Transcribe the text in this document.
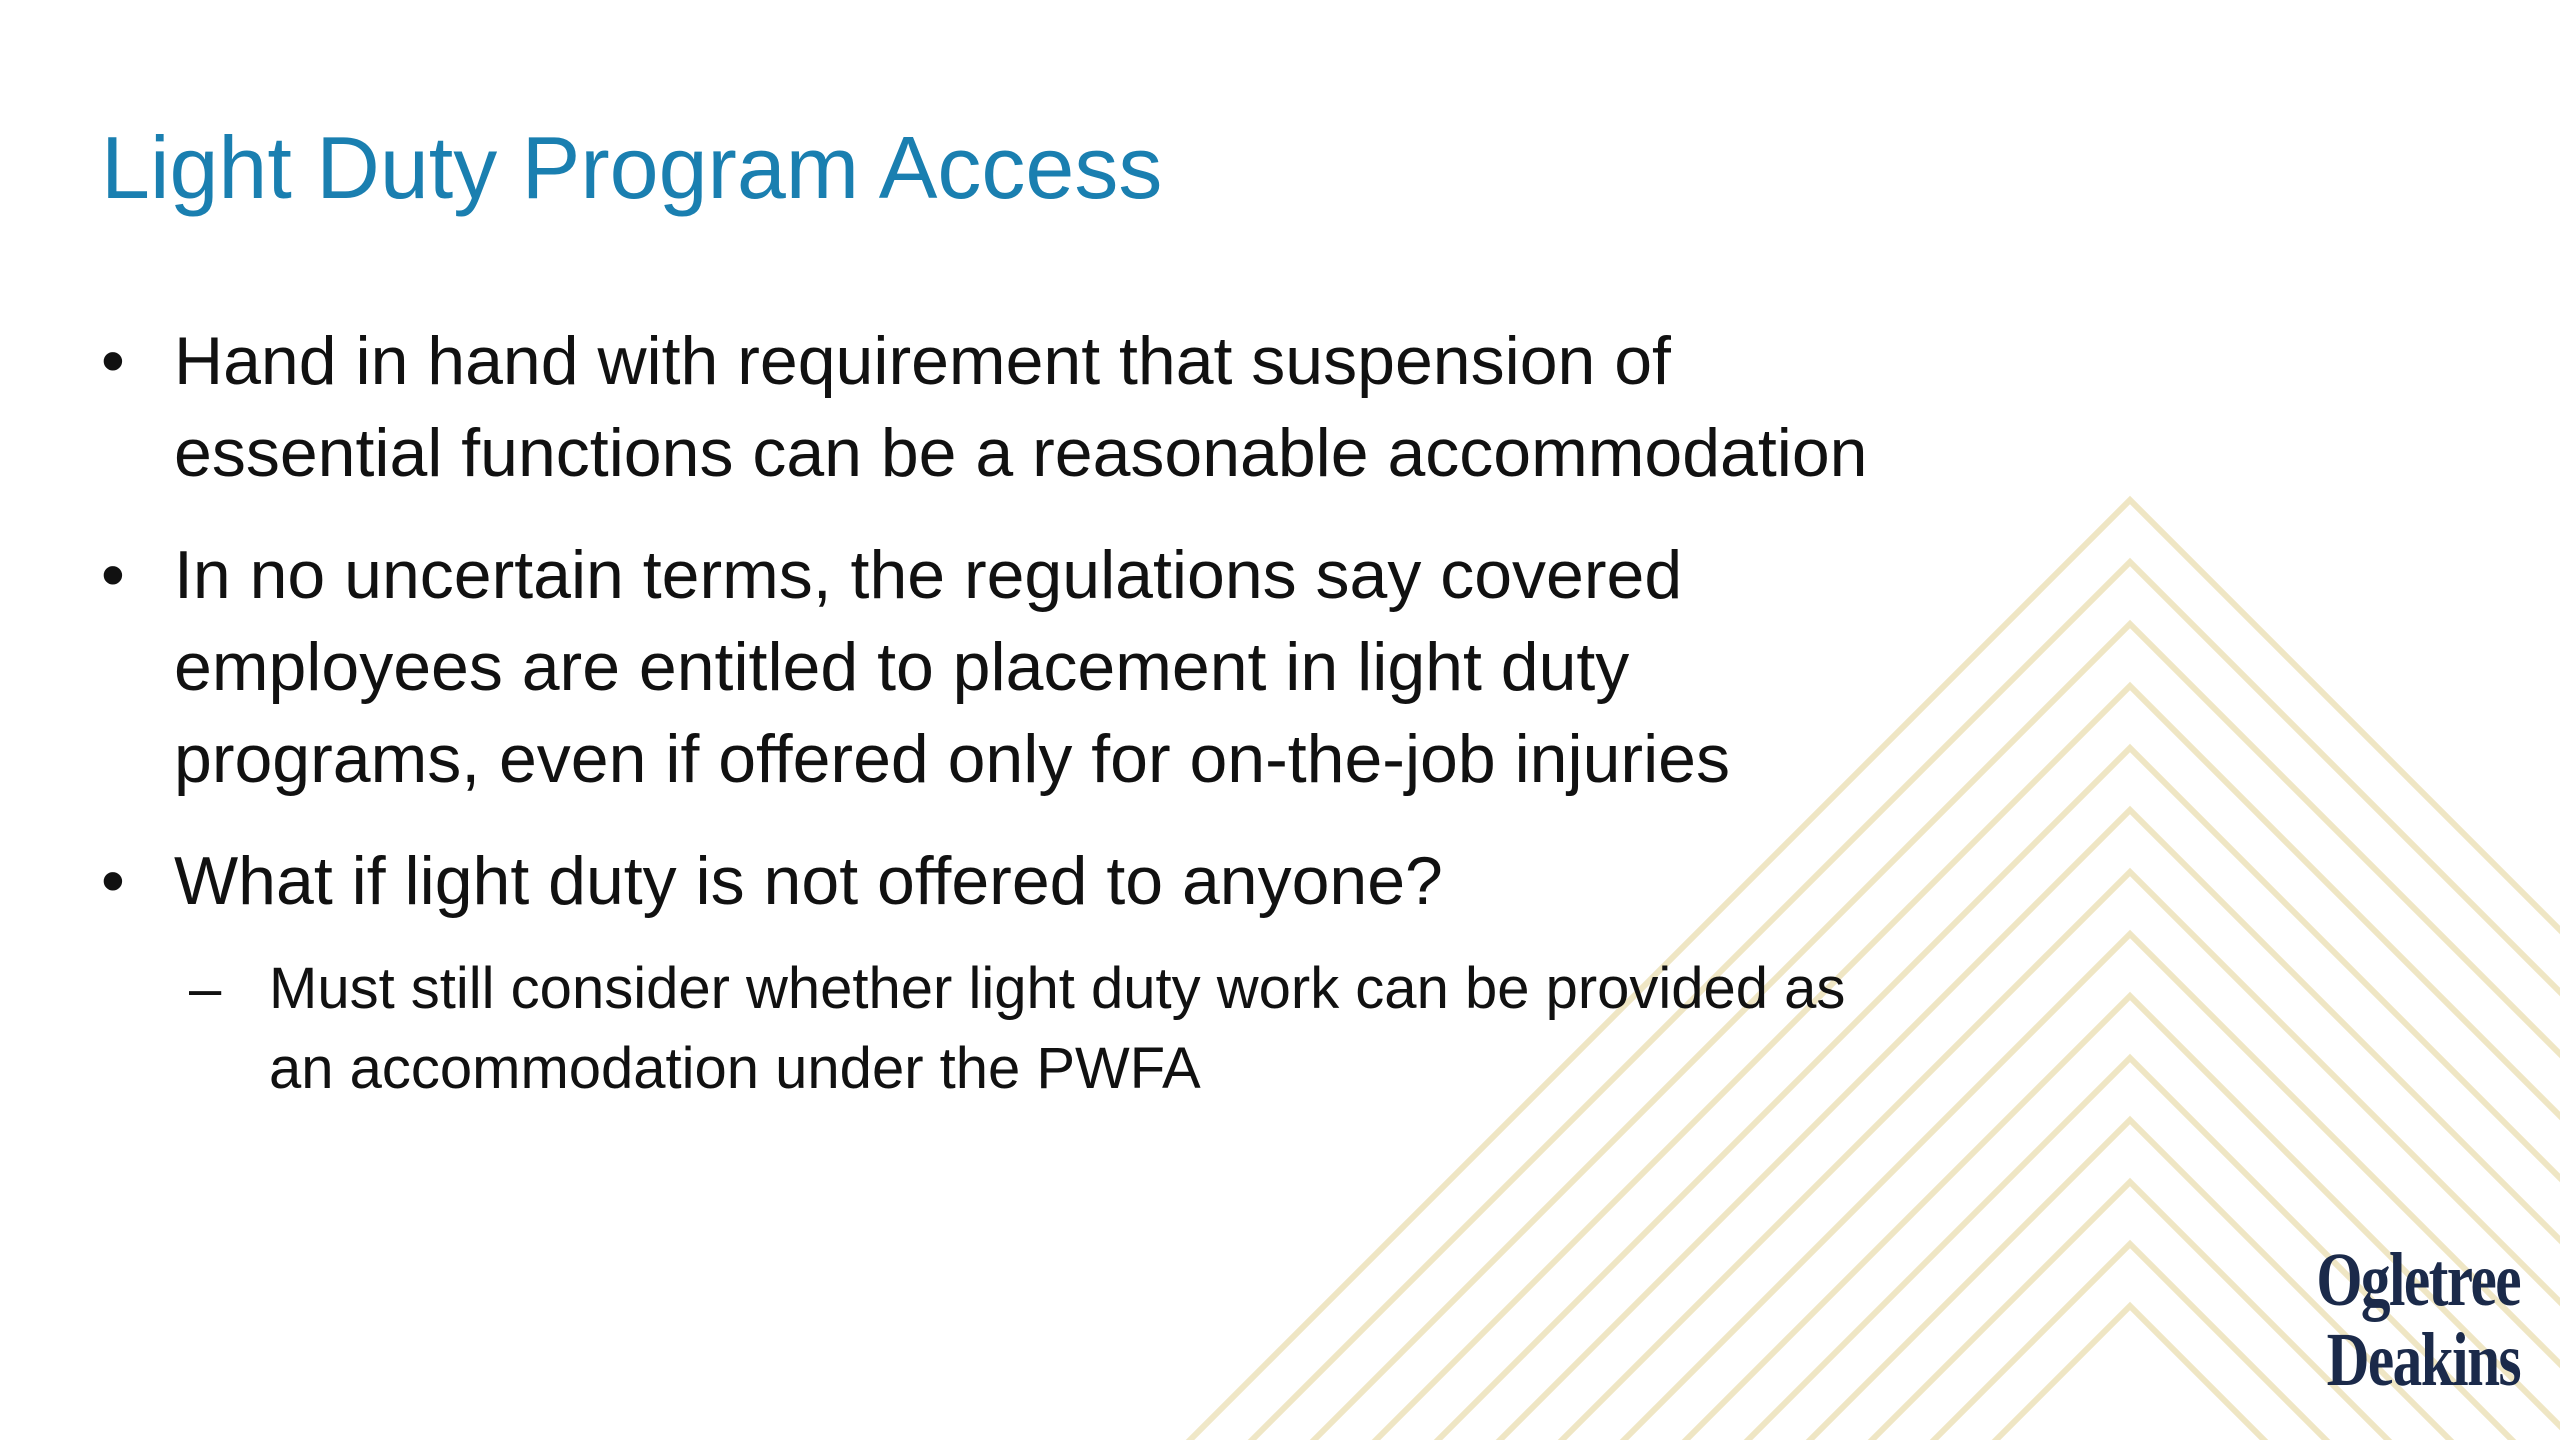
Light Duty Program Access
• Hand in hand with requirement that suspension of
essential functions can be a reasonable accommodation
• In no uncertain terms, the regulations say covered
employees are entitled to placement in light duty
programs, even if offered only for on-the-job injuries
• What if light duty is not offered to anyone?
– Must still consider whether light duty work can be provided as
an accommodation under the PWFA
Ogletree
Deakins
